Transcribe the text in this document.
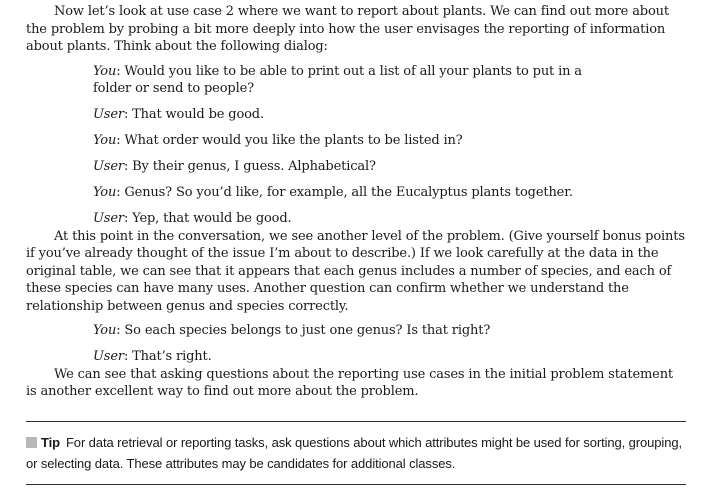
Now let’s look at use case 2 where we want to report about plants. We can find out more about the problem by probing a bit more deeply into how the user envisages the reporting of information about plants. Think about the following dialog:

You: Would you like to be able to print out a list of all your plants to put in a folder or send to people?

User: That would be good.

You: What order would you like the plants to be listed in?

User: By their genus, I guess. Alphabetical?

You: Genus? So you’d like, for example, all the Eucalyptus plants together.

User: Yep, that would be good.

At this point in the conversation, we see another level of the problem. (Give yourself bonus points if you’ve already thought of the issue I’m about to describe.) If we look carefully at the data in the original table, we can see that it appears that each genus includes a number of species, and each of these species can have many uses. Another question can confirm whether we understand the relationship between genus and species correctly.

You: So each species belongs to just one genus? Is that right?

User: That’s right.

We can see that asking questions about the reporting use cases in the initial problem statement is another excellent way to find out more about the problem.

Tip For data retrieval or reporting tasks, ask questions about which attributes might be used for sorting, grouping, or selecting data. These attributes may be candidates for additional classes.
